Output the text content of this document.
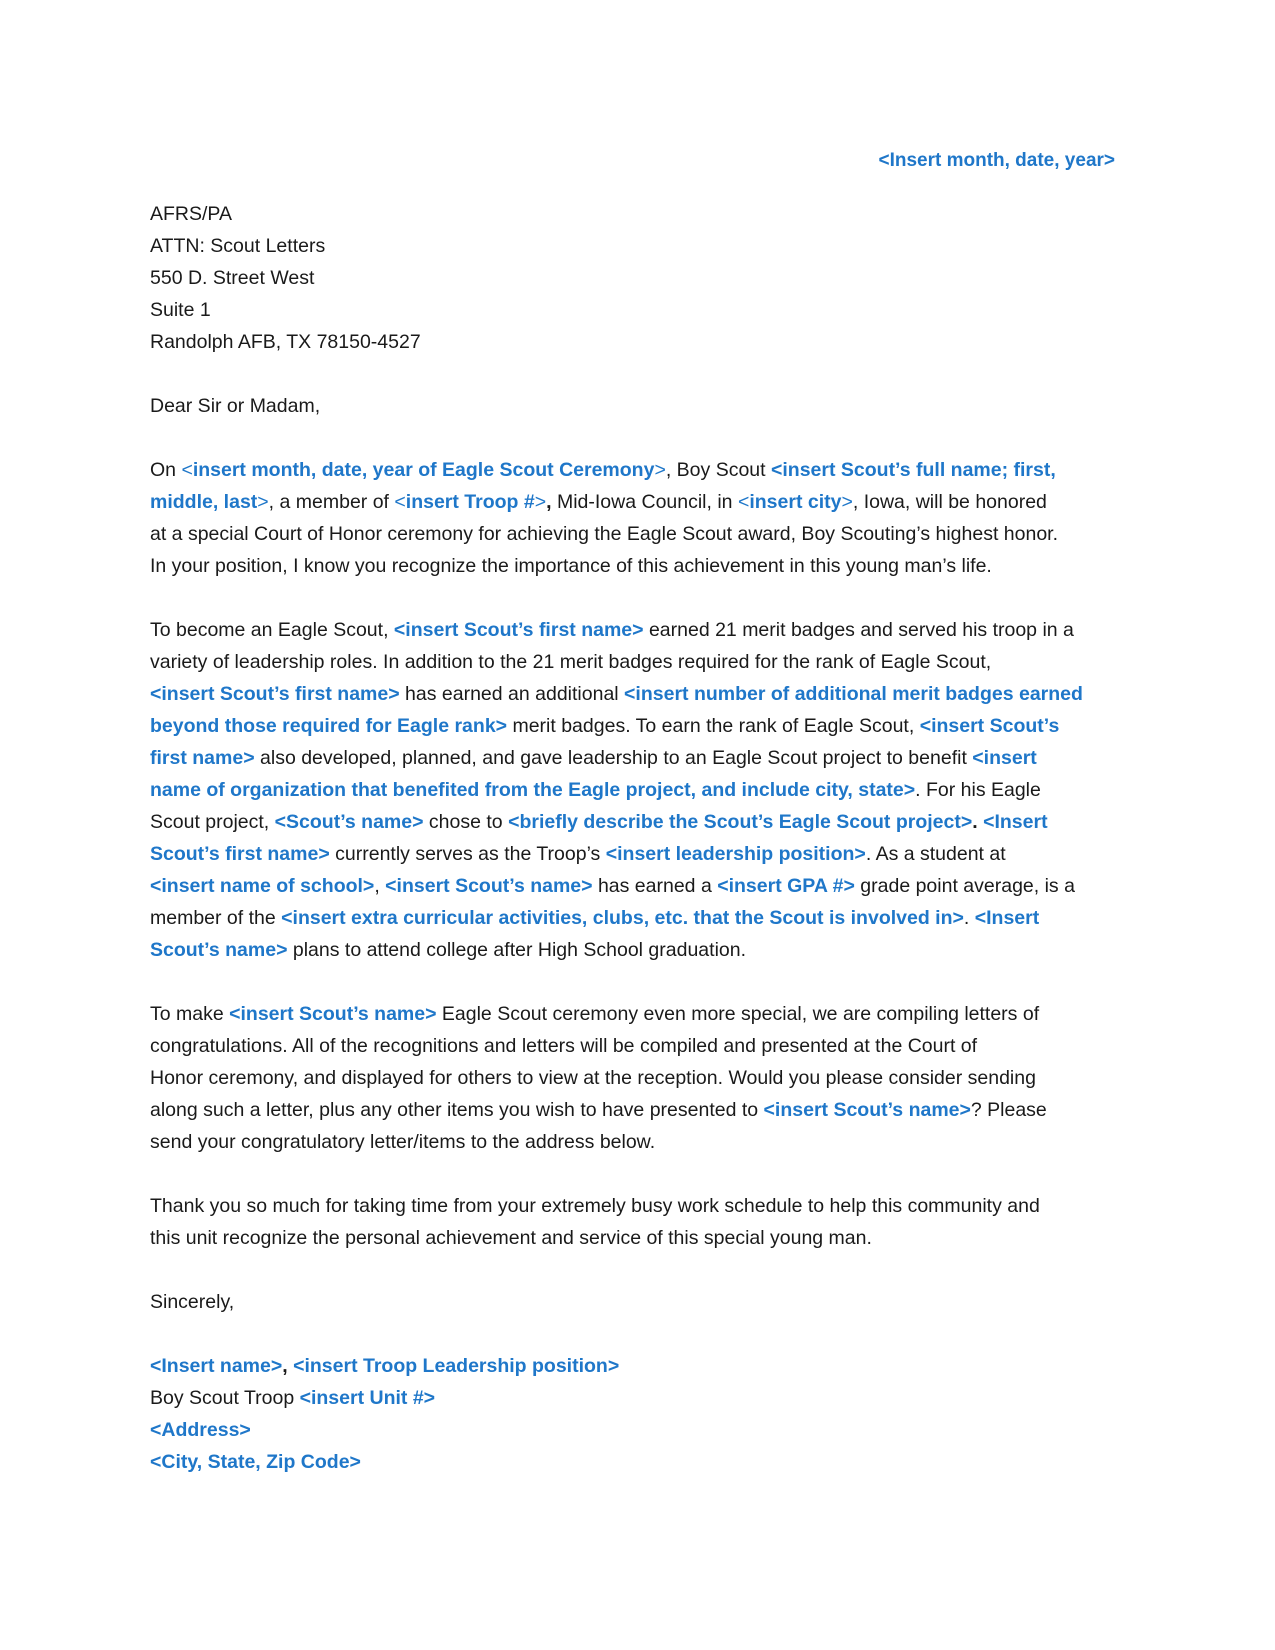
<Insert month, date, year>
AFRS/PA
ATTN: Scout Letters
550 D. Street West
Suite 1
Randolph AFB, TX 78150-4527
Dear Sir or Madam,
On <insert month, date, year of Eagle Scout Ceremony>, Boy Scout <insert Scout’s full name; first,
middle, last>, a member of <insert Troop #>, Mid-Iowa Council, in <insert city>, Iowa, will be honored
at a special Court of Honor ceremony for achieving the Eagle Scout award, Boy Scouting’s highest honor.
In your position, I know you recognize the importance of this achievement in this young man’s life.
To become an Eagle Scout, <insert Scout’s first name> earned 21 merit badges and served his troop in a
variety of leadership roles. In addition to the 21 merit badges required for the rank of Eagle Scout,
<insert Scout’s first name> has earned an additional <insert number of additional merit badges earned
beyond those required for Eagle rank> merit badges. To earn the rank of Eagle Scout, <insert Scout’s
first name> also developed, planned, and gave leadership to an Eagle Scout project to benefit <insert
name of organization that benefited from the Eagle project, and include city, state>. For his Eagle
Scout project, <Scout’s name> chose to <briefly describe the Scout’s Eagle Scout project>. <Insert
Scout’s first name> currently serves as the Troop’s <insert leadership position>. As a student at
<insert name of school>, <insert Scout’s name> has earned a <insert GPA #> grade point average, is a
member of the <insert extra curricular activities, clubs, etc. that the Scout is involved in>. <Insert
Scout’s name> plans to attend college after High School graduation.
To make <insert Scout’s name> Eagle Scout ceremony even more special, we are compiling letters of
congratulations. All of the recognitions and letters will be compiled and presented at the Court of
Honor ceremony, and displayed for others to view at the reception. Would you please consider sending
along such a letter, plus any other items you wish to have presented to <insert Scout’s name>? Please
send your congratulatory letter/items to the address below.
Thank you so much for taking time from your extremely busy work schedule to help this community and
this unit recognize the personal achievement and service of this special young man.
Sincerely,
<Insert name>, <insert Troop Leadership position>
Boy Scout Troop <insert Unit #>
<Address>
<City, State, Zip Code>
